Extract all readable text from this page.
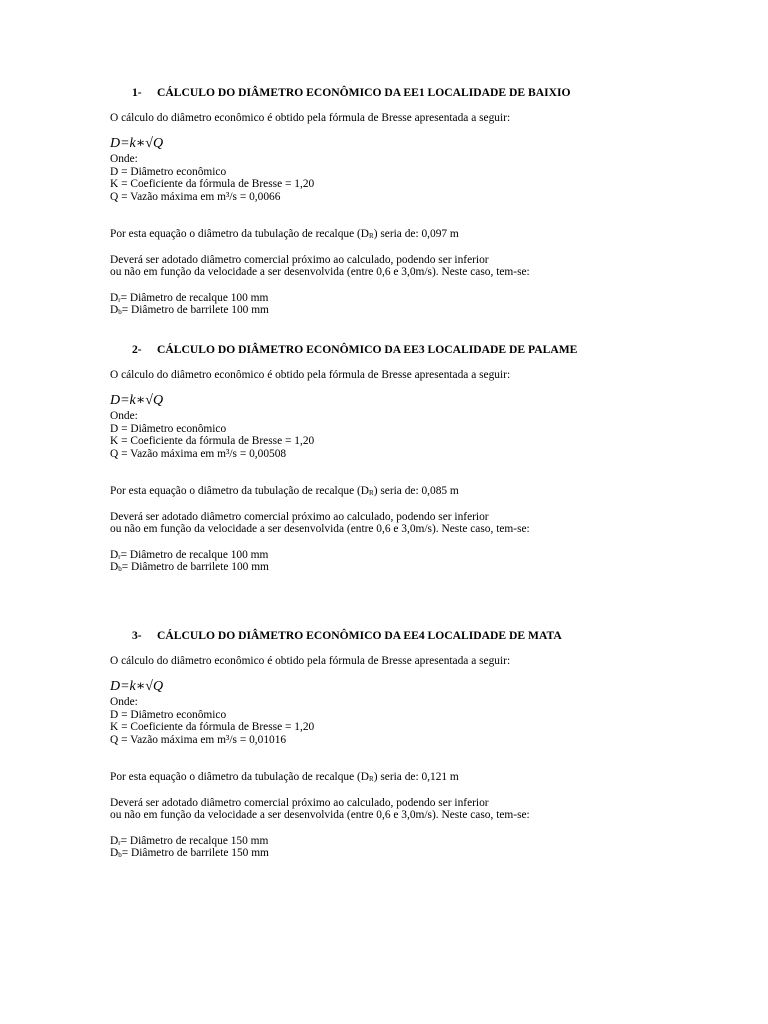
1- CÁLCULO DO DIÂMETRO ECONÔMICO DA EE1 LOCALIDADE DE BAIXIO
O cálculo do diâmetro econômico é obtido pela fórmula de Bresse apresentada a seguir:
D=k∗√Q
Onde:
D = Diâmetro econômico
K = Coeficiente da fórmula de Bresse = 1,20
Q = Vazão máxima em m³/s = 0,0066
Por esta equação o diâmetro da tubulação de recalque (DR) seria de: 0,097 m
Deverá ser adotado diâmetro comercial próximo ao calculado, podendo ser inferior
ou não em função da velocidade a ser desenvolvida (entre 0,6 e 3,0m/s). Neste caso, tem-se:
Dr= Diâmetro de recalque 100 mm
Db= Diâmetro de barrilete 100 mm
2- CÁLCULO DO DIÂMETRO ECONÔMICO DA EE3 LOCALIDADE DE PALAME
O cálculo do diâmetro econômico é obtido pela fórmula de Bresse apresentada a seguir:
D=k∗√Q
Onde:
D = Diâmetro econômico
K = Coeficiente da fórmula de Bresse = 1,20
Q = Vazão máxima em m³/s = 0,00508
Por esta equação o diâmetro da tubulação de recalque (DR) seria de: 0,085 m
Deverá ser adotado diâmetro comercial próximo ao calculado, podendo ser inferior
ou não em função da velocidade a ser desenvolvida (entre 0,6 e 3,0m/s). Neste caso, tem-se:
Dr= Diâmetro de recalque 100 mm
Db= Diâmetro de barrilete 100 mm
3- CÁLCULO DO DIÂMETRO ECONÔMICO DA EE4 LOCALIDADE DE MATA
O cálculo do diâmetro econômico é obtido pela fórmula de Bresse apresentada a seguir:
D=k∗√Q
Onde:
D = Diâmetro econômico
K = Coeficiente da fórmula de Bresse = 1,20
Q = Vazão máxima em m³/s = 0,01016
Por esta equação o diâmetro da tubulação de recalque (DR) seria de: 0,121 m
Deverá ser adotado diâmetro comercial próximo ao calculado, podendo ser inferior
ou não em função da velocidade a ser desenvolvida (entre 0,6 e 3,0m/s). Neste caso, tem-se:
Dr= Diâmetro de recalque 150 mm
Db= Diâmetro de barrilete 150 mm
